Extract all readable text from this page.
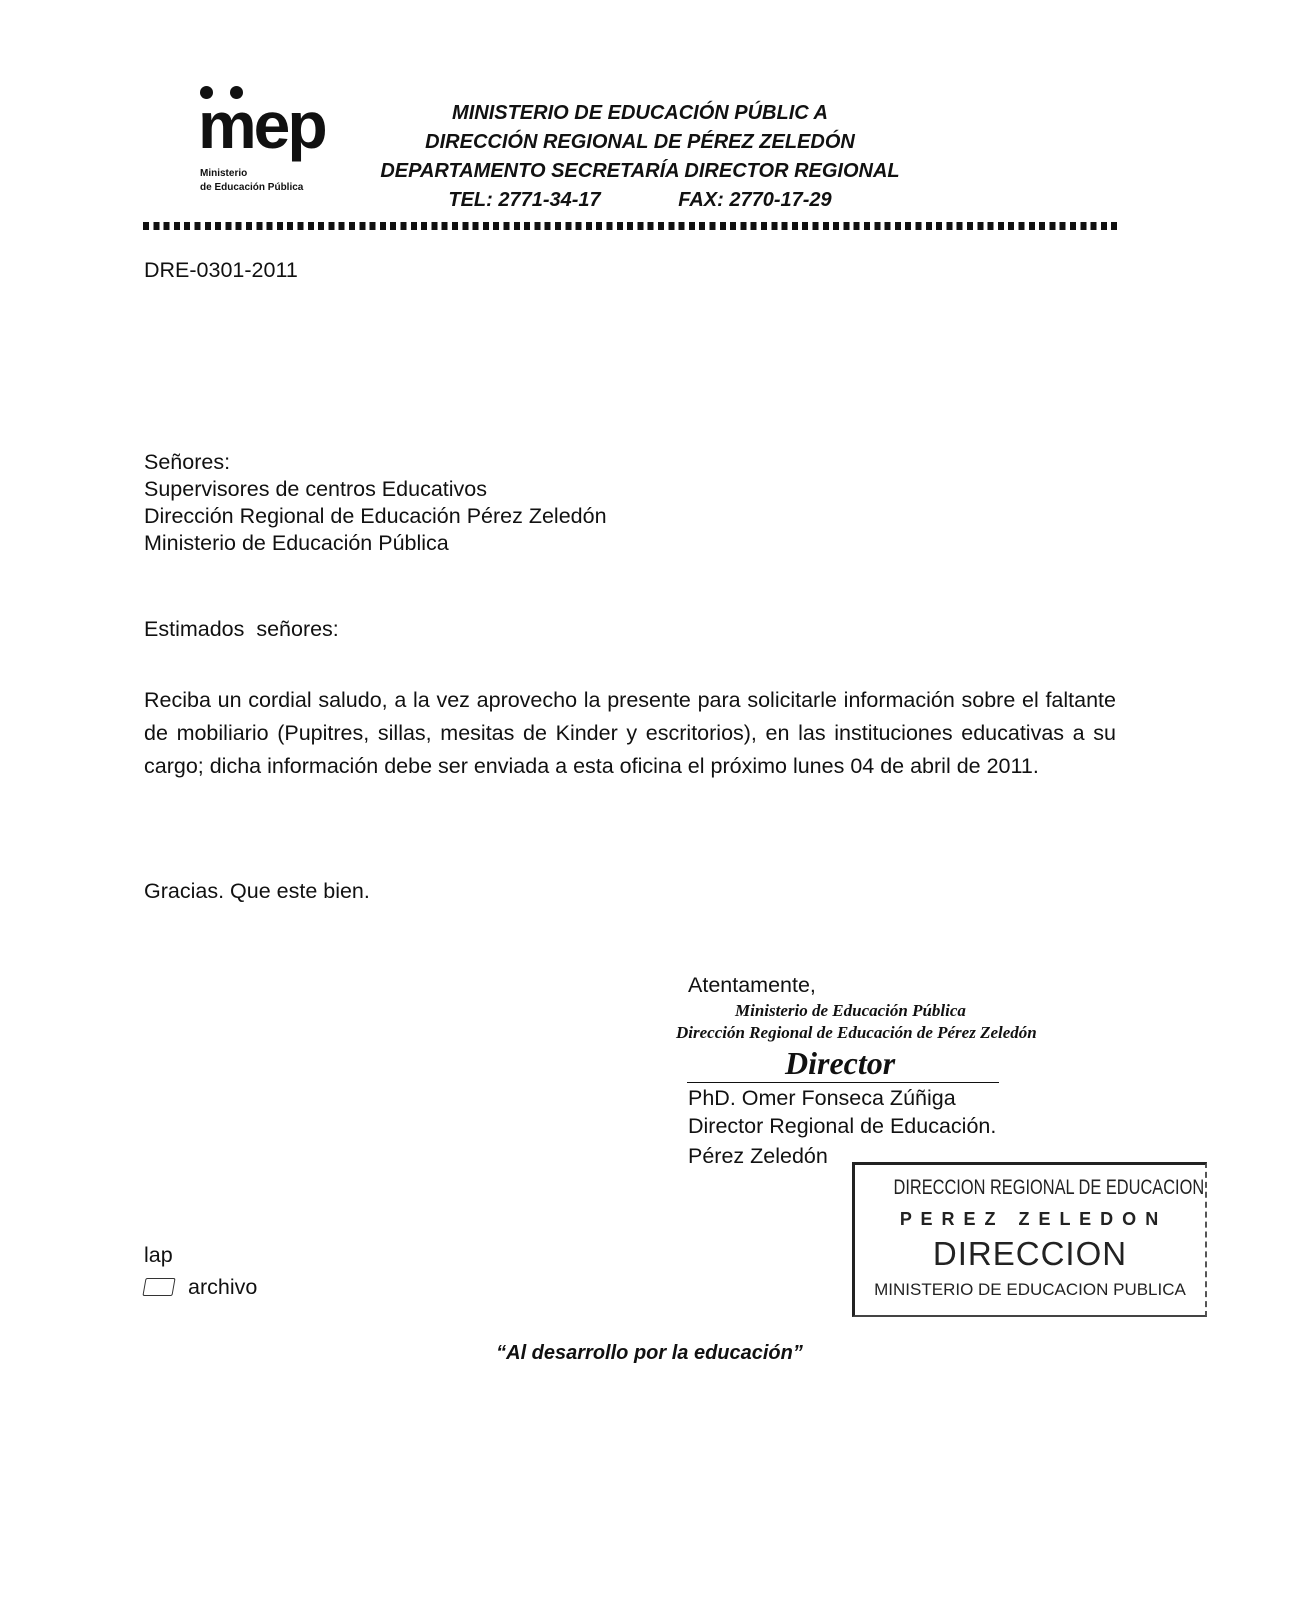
mep
Ministerio
de Educación Pública
MINISTERIO DE EDUCACIÓN PÚBLIC A
DIRECCIÓN REGIONAL DE PÉREZ ZELEDÓN
DEPARTAMENTO SECRETARÍA DIRECTOR REGIONAL
TEL: 2771-34-17	FAX: 2770-17-29
DRE-0301-2011
Señores:
Supervisores de centros Educativos
Dirección Regional de Educación Pérez Zeledón
Ministerio de Educación Pública
Estimados  señores:
Reciba un cordial saludo, a la vez aprovecho la presente para solicitarle información sobre el faltante de mobiliario (Pupitres, sillas, mesitas de Kinder y escritorios), en las instituciones educativas a su cargo; dicha información debe ser enviada a esta oficina el próximo lunes 04 de abril de 2011.
Gracias. Que este bien.
Atentamente,
Ministerio de Educación Pública
Dirección Regional de Educación de Pérez Zeledón
Director
PhD. Omer Fonseca Zúñiga
Director Regional de Educación.
Pérez Zeledón
DIRECCION REGIONAL DE EDUCACION
P E R E Z   Z E L E D O N
DIRECCION
MINISTERIO DE EDUCACION PUBLICA
lap
archivo
“Al desarrollo por la educación”
